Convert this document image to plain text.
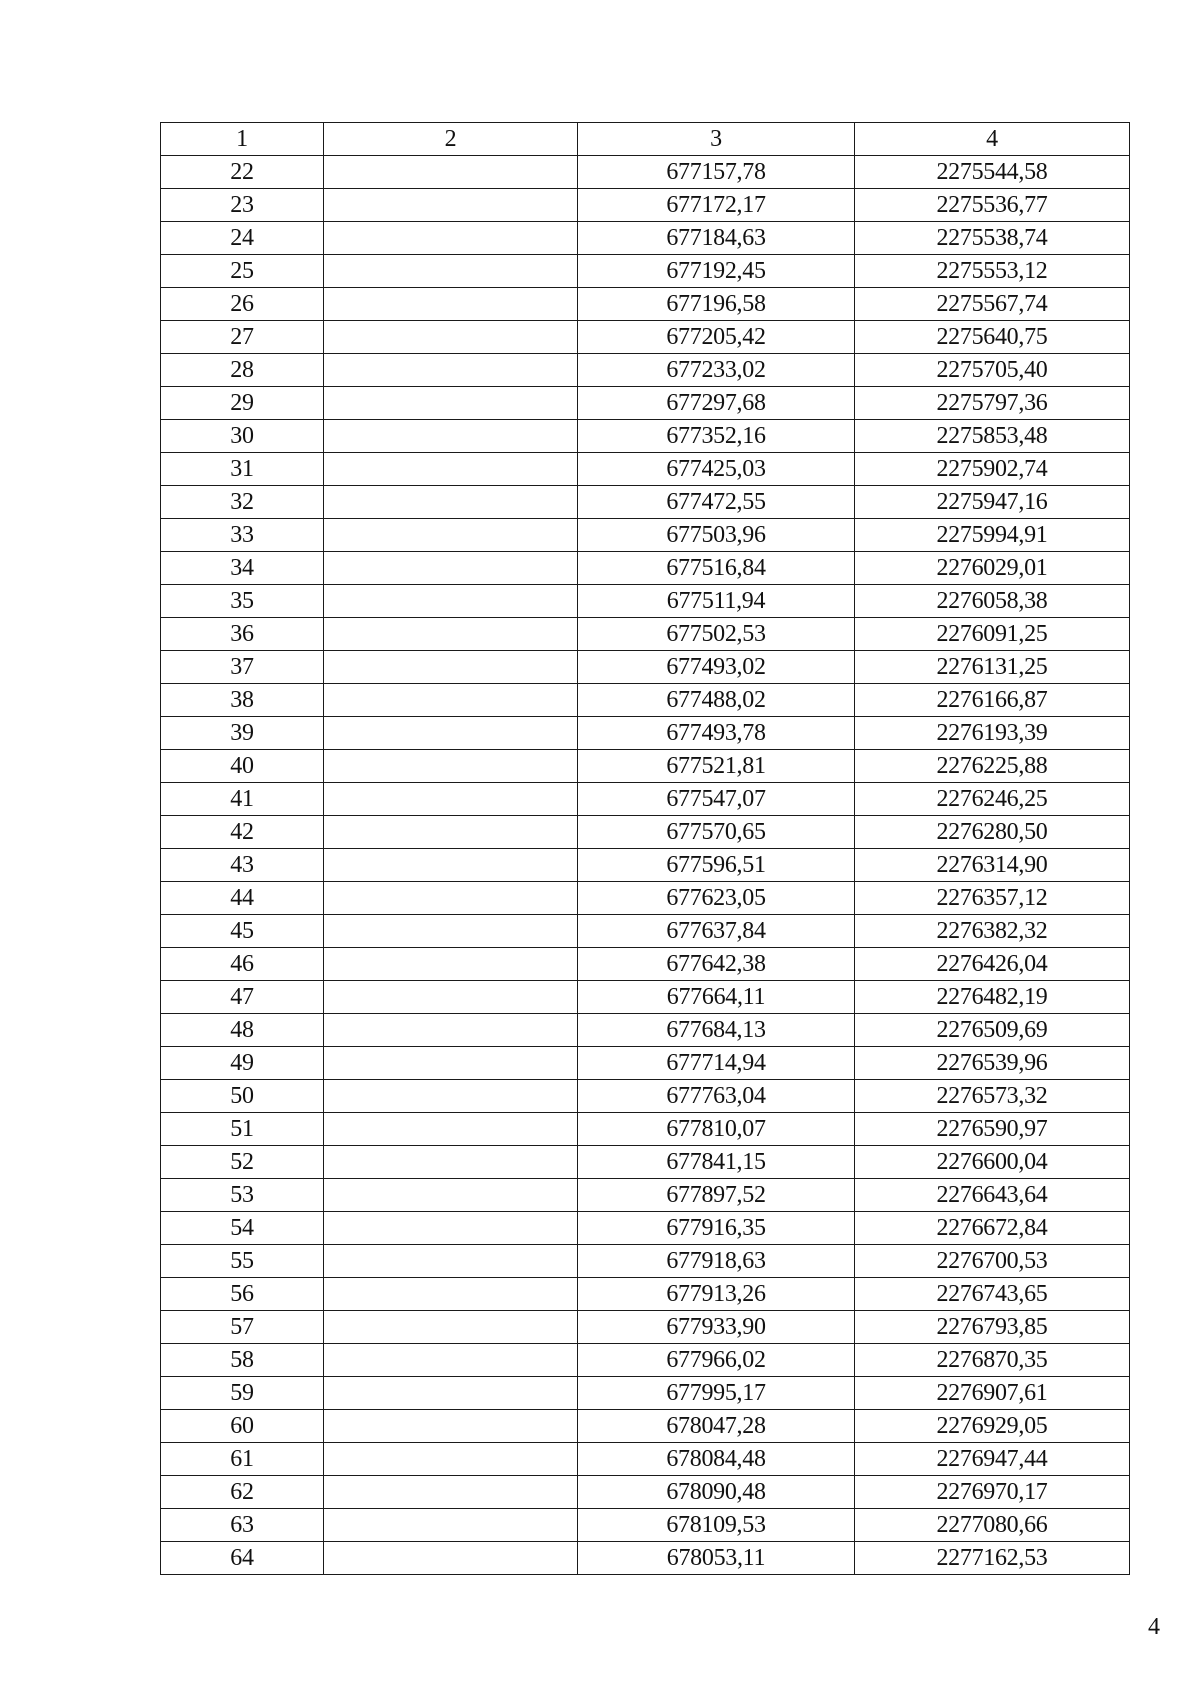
1	2	3	4
22		677157,78	2275544,58
23		677172,17	2275536,77
24		677184,63	2275538,74
25		677192,45	2275553,12
26		677196,58	2275567,74
27		677205,42	2275640,75
28		677233,02	2275705,40
29		677297,68	2275797,36
30		677352,16	2275853,48
31		677425,03	2275902,74
32		677472,55	2275947,16
33		677503,96	2275994,91
34		677516,84	2276029,01
35		677511,94	2276058,38
36		677502,53	2276091,25
37		677493,02	2276131,25
38		677488,02	2276166,87
39		677493,78	2276193,39
40		677521,81	2276225,88
41		677547,07	2276246,25
42		677570,65	2276280,50
43		677596,51	2276314,90
44		677623,05	2276357,12
45		677637,84	2276382,32
46		677642,38	2276426,04
47		677664,11	2276482,19
48		677684,13	2276509,69
49		677714,94	2276539,96
50		677763,04	2276573,32
51		677810,07	2276590,97
52		677841,15	2276600,04
53		677897,52	2276643,64
54		677916,35	2276672,84
55		677918,63	2276700,53
56		677913,26	2276743,65
57		677933,90	2276793,85
58		677966,02	2276870,35
59		677995,17	2276907,61
60		678047,28	2276929,05
61		678084,48	2276947,44
62		678090,48	2276970,17
63		678109,53	2277080,66
64		678053,11	2277162,53
4
